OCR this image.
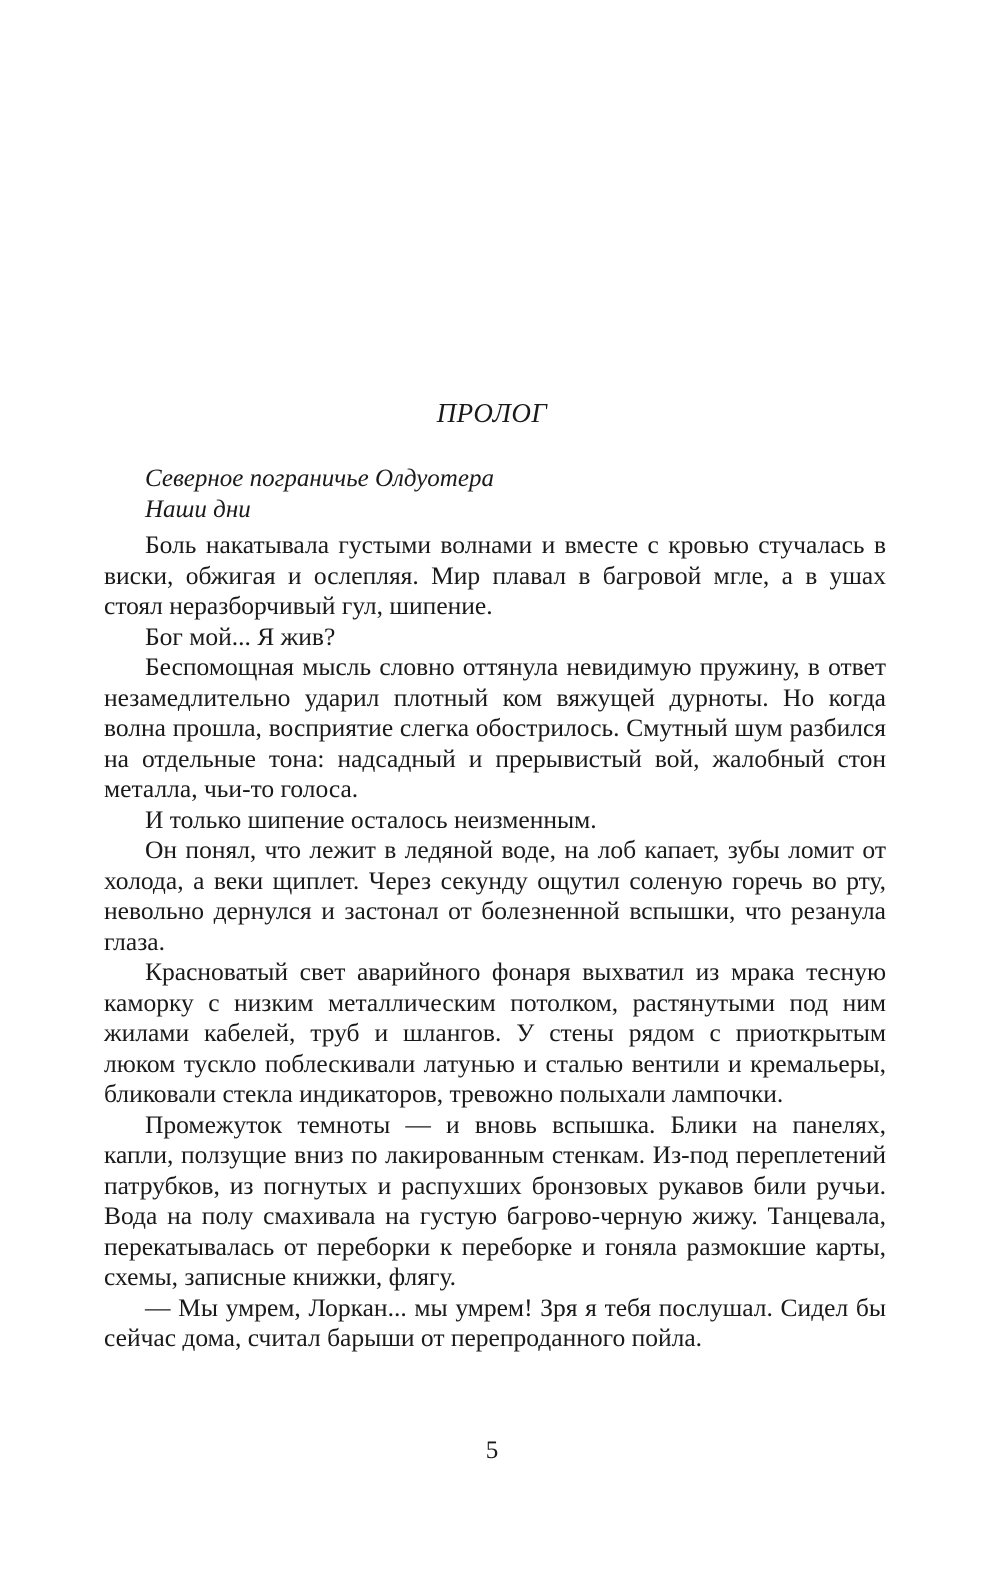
ПРОЛОГ
Северное пограничье Олдуотера
Наши дни

Боль накатывала густыми волнами и вместе с кровью стучалась в виски, обжигая и ослепляя. Мир плавал в багровой мгле, а в ушах стоял неразборчивый гул, шипение.

Бог мой... Я жив?

Беспомощная мысль словно оттянула невидимую пружину, в ответ незамедлительно ударил плотный ком вяжущей дурноты. Но когда волна прошла, восприятие слегка обострилось. Смутный шум разбился на отдельные тона: надсадный и прерывистый вой, жалобный стон металла, чьи-то голоса.

И только шипение осталось неизменным.

Он понял, что лежит в ледяной воде, на лоб капает, зубы ломит от холода, а веки щиплет. Через секунду ощутил соленую горечь во рту, невольно дернулся и застонал от болезненной вспышки, что резанула глаза.

Красноватый свет аварийного фонаря выхватил из мрака тесную каморку с низким металлическим потолком, растянутыми под ним жилами кабелей, труб и шлангов. У стены рядом с приоткрытым люком тускло поблескивали латунью и сталью вентили и кремальеры, бликовали стекла индикаторов, тревожно полыхали лампочки.

Промежуток темноты — и вновь вспышка. Блики на панелях, капли, ползущие вниз по лакированным стенкам. Из-под переплетений патрубков, из погнутых и распухших бронзовых рукавов били ручьи. Вода на полу смахивала на густую багрово-черную жижу. Танцевала, перекатывалась от переборки к переборке и гоняла размокшие карты, схемы, записные книжки, флягу.

— Мы умрем, Лоркан... мы умрем! Зря я тебя послушал. Сидел бы сейчас дома, считал барыши от перепроданного пойла.

5
